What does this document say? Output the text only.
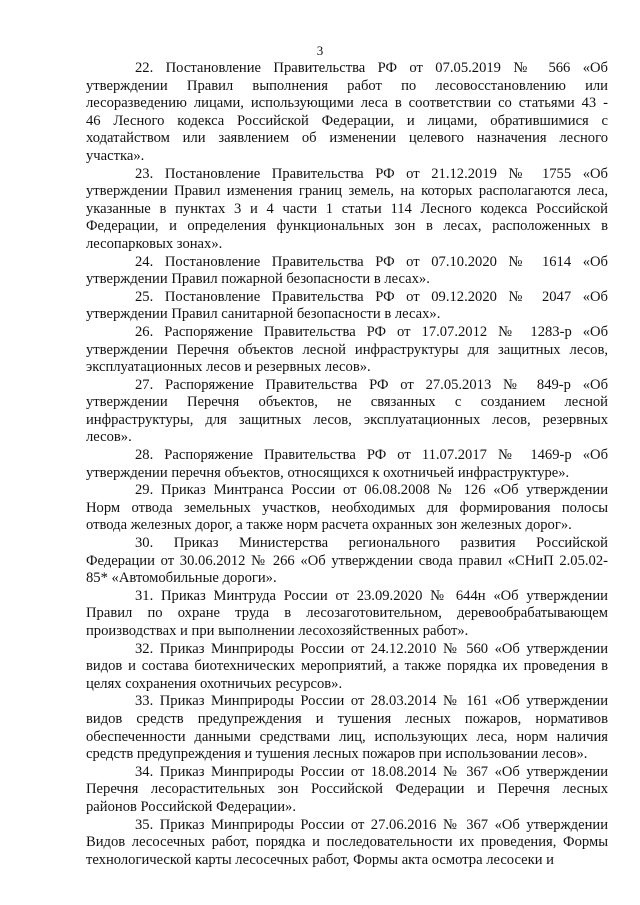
3
22. Постановление Правительства РФ от 07.05.2019 № 566 «Об
утверждении Правил выполнения работ по лесовосстановлению или
лесоразведению лицами, использующими леса в соответствии со статьями 43 -
46 Лесного кодекса Российской Федерации, и лицами, обратившимися с
ходатайством или заявлением об изменении целевого назначения лесного
участка».
23. Постановление Правительства РФ от 21.12.2019 № 1755 «Об
утверждении Правил изменения границ земель, на которых располагаются леса,
указанные в пунктах 3 и 4 части 1 статьи 114 Лесного кодекса Российской
Федерации, и определения функциональных зон в лесах, расположенных в
лесопарковых зонах».
24. Постановление Правительства РФ от 07.10.2020 № 1614 «Об
утверждении Правил пожарной безопасности в лесах».
25. Постановление Правительства РФ от 09.12.2020 № 2047 «Об
утверждении Правил санитарной безопасности в лесах».
26. Распоряжение Правительства РФ от 17.07.2012 № 1283-р «Об
утверждении Перечня объектов лесной инфраструктуры для защитных лесов,
эксплуатационных лесов и резервных лесов».
27. Распоряжение Правительства РФ от 27.05.2013 № 849-р «Об
утверждении Перечня объектов, не связанных с созданием лесной
инфраструктуры, для защитных лесов, эксплуатационных лесов, резервных
лесов».
28. Распоряжение Правительства РФ от 11.07.2017 № 1469-р «Об
утверждении перечня объектов, относящихся к охотничьей инфраструктуре».
29. Приказ Минтранса России от 06.08.2008 № 126 «Об утверждении
Норм отвода земельных участков, необходимых для формирования полосы
отвода железных дорог, а также норм расчета охранных зон железных дорог».
30. Приказ Министерства регионального развития Российской
Федерации от 30.06.2012 № 266 «Об утверждении свода правил «СНиП 2.05.02-
85* «Автомобильные дороги».
31. Приказ Минтруда России от 23.09.2020 № 644н «Об утверждении
Правил по охране труда в лесозаготовительном, деревообрабатывающем
производствах и при выполнении лесохозяйственных работ».
32. Приказ Минприроды России от 24.12.2010 № 560 «Об утверждении
видов и состава биотехнических мероприятий, а также порядка их проведения в
целях сохранения охотничьих ресурсов».
33. Приказ Минприроды России от 28.03.2014 № 161 «Об утверждении
видов средств предупреждения и тушения лесных пожаров, нормативов
обеспеченности данными средствами лиц, использующих леса, норм наличия
средств предупреждения и тушения лесных пожаров при использовании лесов».
34. Приказ Минприроды России от 18.08.2014 № 367 «Об утверждении
Перечня лесорастительных зон Российской Федерации и Перечня лесных
районов Российской Федерации».
35. Приказ Минприроды России от 27.06.2016 № 367 «Об утверждении
Видов лесосечных работ, порядка и последовательности их проведения, Формы
технологической карты лесосечных работ, Формы акта осмотра лесосеки и
